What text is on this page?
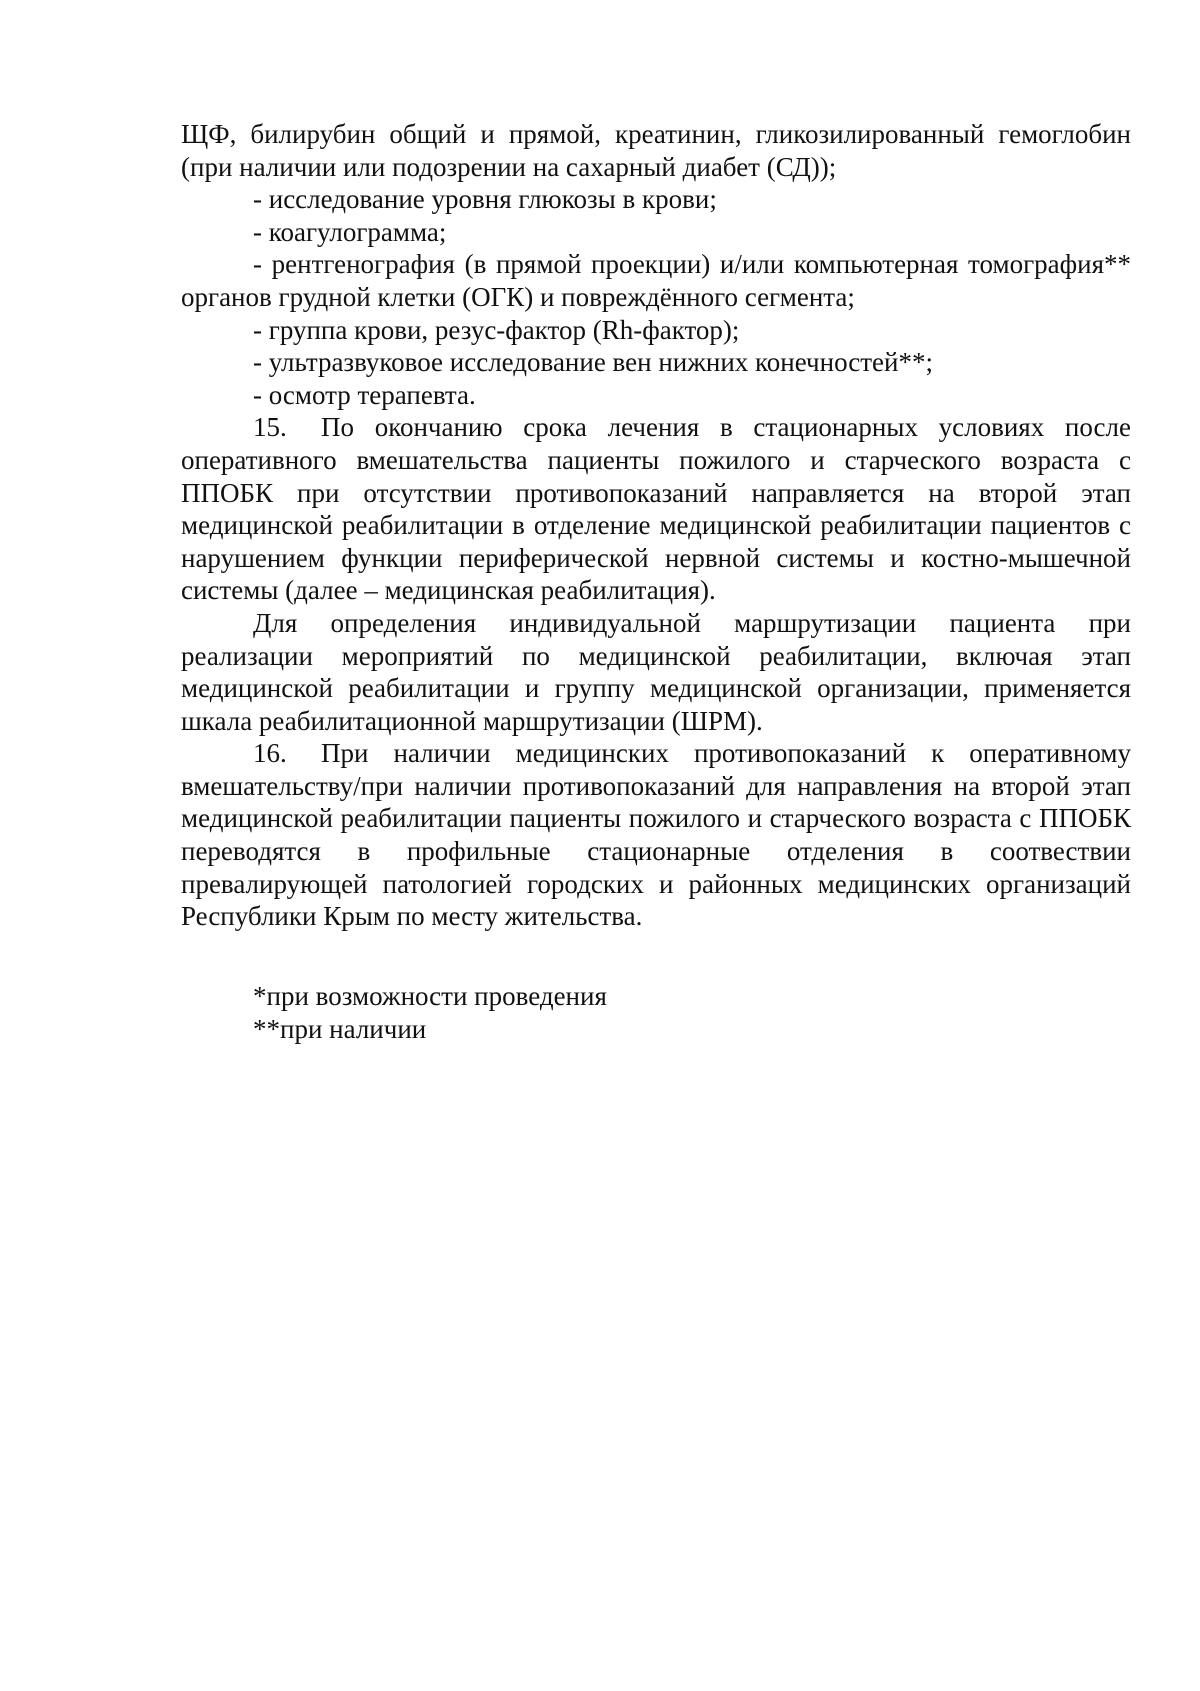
ЩФ, билирубин общий и прямой, креатинин, гликозилированный гемоглобин (при наличии или подозрении на сахарный диабет (СД));

- исследование уровня глюкозы в крови;

- коагулограмма;

- рентгенография (в прямой проекции) и/или компьютерная томография** органов грудной клетки (ОГК) и повреждённого сегмента;

- группа крови, резус-фактор (Rh-фактор);

- ультразвуковое исследование вен нижних конечностей**;

- осмотр терапевта.

15. По окончанию срока лечения в стационарных условиях после оперативного вмешательства пациенты пожилого и старческого возраста с ППОБК при отсутствии противопоказаний направляется на второй этап медицинской реабилитации в отделение медицинской реабилитации пациентов с нарушением функции периферической нервной системы и костно-мышечной системы (далее – медицинская реабилитация).

Для определения индивидуальной маршрутизации пациента при реализации мероприятий по медицинской реабилитации, включая этап медицинской реабилитации и группу медицинской организации, применяется шкала реабилитационной маршрутизации (ШРМ).

16. При наличии медицинских противопоказаний к оперативному вмешательству/при наличии противопоказаний для направления на второй этап медицинской реабилитации пациенты пожилого и старческого возраста с ППОБК переводятся в профильные стационарные отделения в соотвествии превалирующей патологией городских и районных медицинских организаций Республики Крым по месту жительства.

*при возможности проведения

**при наличии
